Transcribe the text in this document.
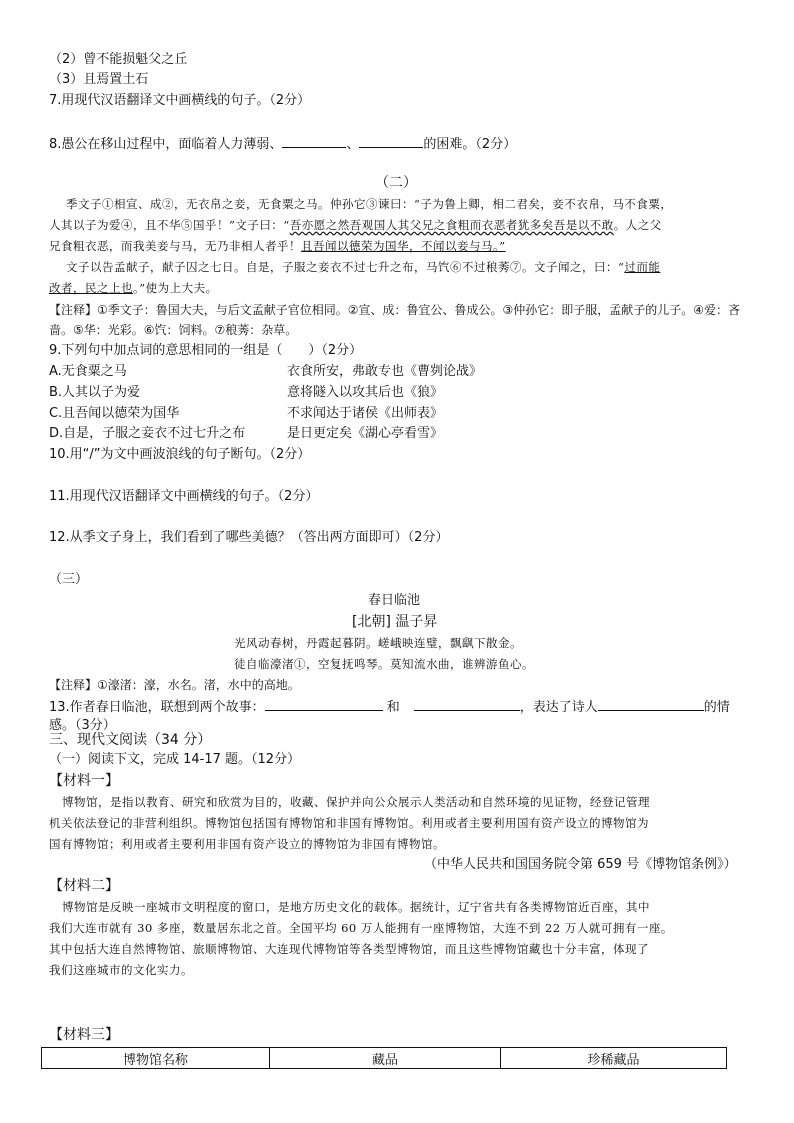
（2）曾不能损魁父之丘
（3）且焉置土石
7.用现代汉语翻译文中画横线的句子。（2分）
8.愚公在移山过程中，面临着人力薄弱、	、	的困难。（2分）
（二）
季文子①相宣、成②，无衣帛之妾，无食粟之马。仲孙它③谏曰：“子为鲁上卿，相二君矣，妾不衣帛，马不食粟，
人其以子为爱④，且不华⑤国乎！”文子曰：“吾亦愿之然吾观国人其父兄之食粗而衣恶者犹多矣吾是以不敢。人之父
兄食粗衣恶，而我美妾与马，无乃非相人者乎！且吾闻以德荣为国华，不闻以妾与马。”
文子以告孟献子，献子囚之七日。自是，子服之妾衣不过七升之布，马饩⑥不过稂莠⑦。文子闻之，曰：“过而能
改者，民之上也。”使为上大夫。
【注释】①季文子：鲁国大夫，与后文孟献子官位相同。②宣、成：鲁宜公、鲁成公。③仲孙它：即子服，孟献子的儿子。④爱：吝
啬。⑤华：光彩。⑥饩：饲料。⑦稂莠：杂草。
9.下列句中加点词的意思相同的一组是（　　）（2分）
A.无食粟之马	衣食所安，弗敢专也《曹刿论战》
B.人其以子为爱	意将隧入以攻其后也《狼》
C.且吾闻以德荣为国华	不求闻达于诸侯《出师表》
D.自是，子服之妾衣不过七升之布	是日更定矣《湖心亭看雪》
10.用“/”为文中画波浪线的句子断句。（2分）
11.用现代汉语翻译文中画横线的句子。（2分）
12.从季文子身上，我们看到了哪些美德？（答出两方面即可）（2分）
（三）
春日临池
[北朝] 温子昇
光风动春树，丹霞起暮阴。嵯峨映连璧，飘飖下散金。
徒自临濠渚①，空复抚鸣琴。莫知流水曲，谁辨游鱼心。
【注释】①濠渚：濠，水名。渚，水中的高地。
13.作者春日临池，联想到两个故事：	和	，表达了诗人	的情
感。（3分）
三、现代文阅读（34 分）
（一）阅读下文，完成 14-17 题。（12分）
【材料一】
博物馆，是指以教育、研究和欣赏为目的，收藏、保护并向公众展示人类活动和自然环境的见证物，经登记管理
机关依法登记的非营利组织。博物馆包括国有博物馆和非国有博物馆。利用或者主要利用国有资产设立的博物馆为
国有博物馆；利用或者主要利用非国有资产设立的博物馆为非国有博物馆。
（中华人民共和国国务院令第 659 号《博物馆条例》）
【材料二】
博物馆是反映一座城市文明程度的窗口，是地方历史文化的载体。据统计，辽宁省共有各类博物馆近百座，其中
我们大连市就有 30 多座，数量居东北之首。全国平均 60 万人能拥有一座博物馆，大连不到 22 万人就可拥有一座。
其中包括大连自然博物馆、旅顺博物馆、大连现代博物馆等各类型博物馆，而且这些博物馆藏也十分丰富，体现了
我们这座城市的文化实力。
【材料三】
博物馆名称	藏品	珍稀藏品
